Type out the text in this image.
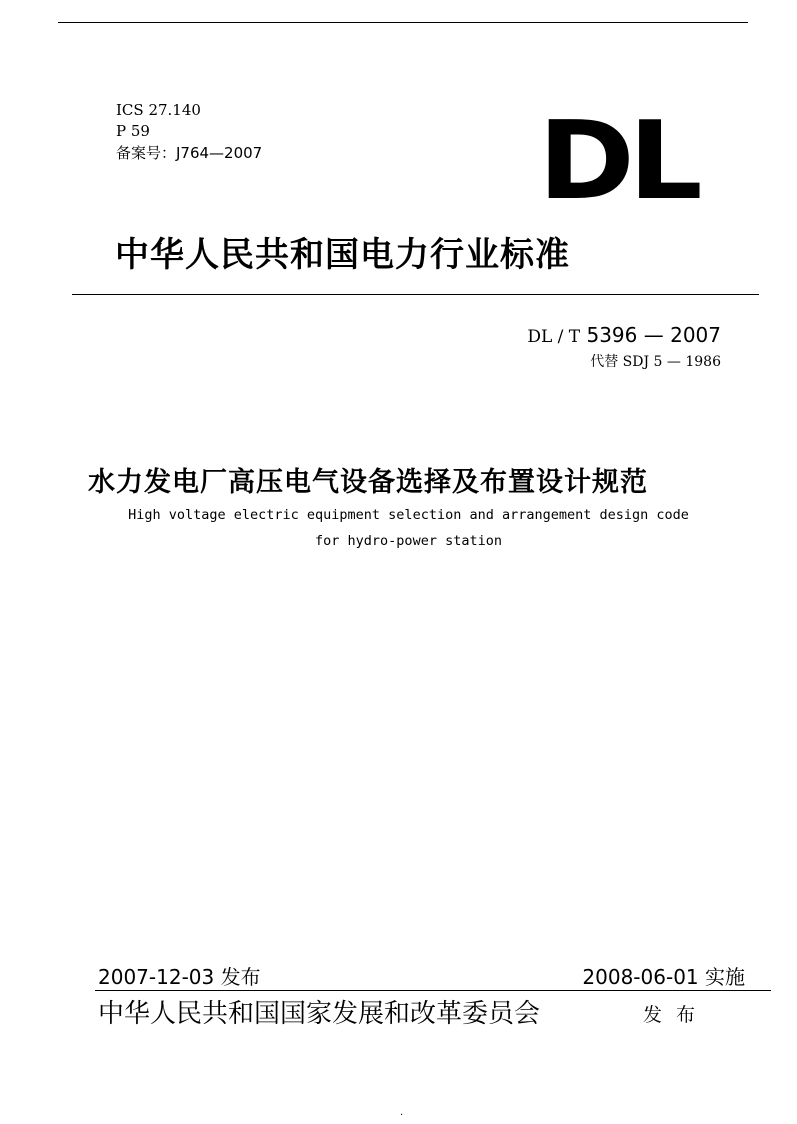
ICS 27.140
P 59
备案号：J764—2007	DL
中华人民共和国电力行业标准
DL / T 5396 — 2007
代替 SDJ 5 — 1986
水力发电厂高压电气设备选择及布置设计规范
High voltage electric equipment selection and arrangement design code
for hydro-power station
2007-12-03 发布	2008-06-01 实施
中华人民共和国国家发展和改革委员会	发布
.
